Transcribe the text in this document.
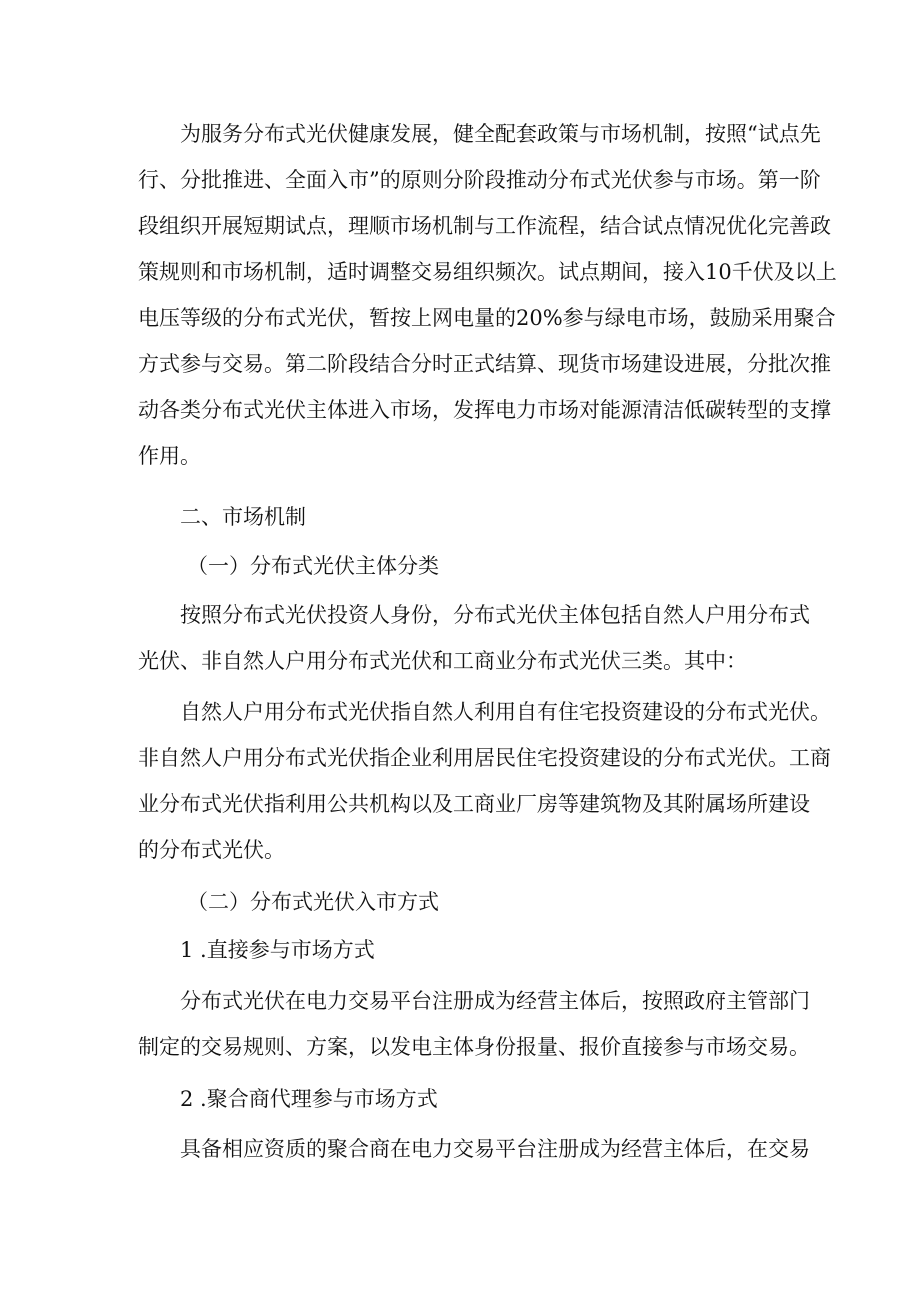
为服务分布式光伏健康发展，健全配套政策与市场机制，按照“试点先
行、分批推进、全面入市”的原则分阶段推动分布式光伏参与市场。第一阶
段组织开展短期试点，理顺市场机制与工作流程，结合试点情况优化完善政
策规则和市场机制，适时调整交易组织频次。试点期间，接入10千伏及以上
电压等级的分布式光伏，暂按上网电量的20%参与绿电市场，鼓励采用聚合
方式参与交易。第二阶段结合分时正式结算、现货市场建设进展，分批次推
动各类分布式光伏主体进入市场，发挥电力市场对能源清洁低碳转型的支撑
作用。
二、市场机制
（一）分布式光伏主体分类
按照分布式光伏投资人身份，分布式光伏主体包括自然人户用分布式
光伏、非自然人户用分布式光伏和工商业分布式光伏三类。其中：
自然人户用分布式光伏指自然人利用自有住宅投资建设的分布式光伏。
非自然人户用分布式光伏指企业利用居民住宅投资建设的分布式光伏。工商
业分布式光伏指利用公共机构以及工商业厂房等建筑物及其附属场所建设
的分布式光伏。
（二）分布式光伏入市方式
1 .直接参与市场方式
分布式光伏在电力交易平台注册成为经营主体后，按照政府主管部门
制定的交易规则、方案，以发电主体身份报量、报价直接参与市场交易。
2 .聚合商代理参与市场方式
具备相应资质的聚合商在电力交易平台注册成为经营主体后，在交易
